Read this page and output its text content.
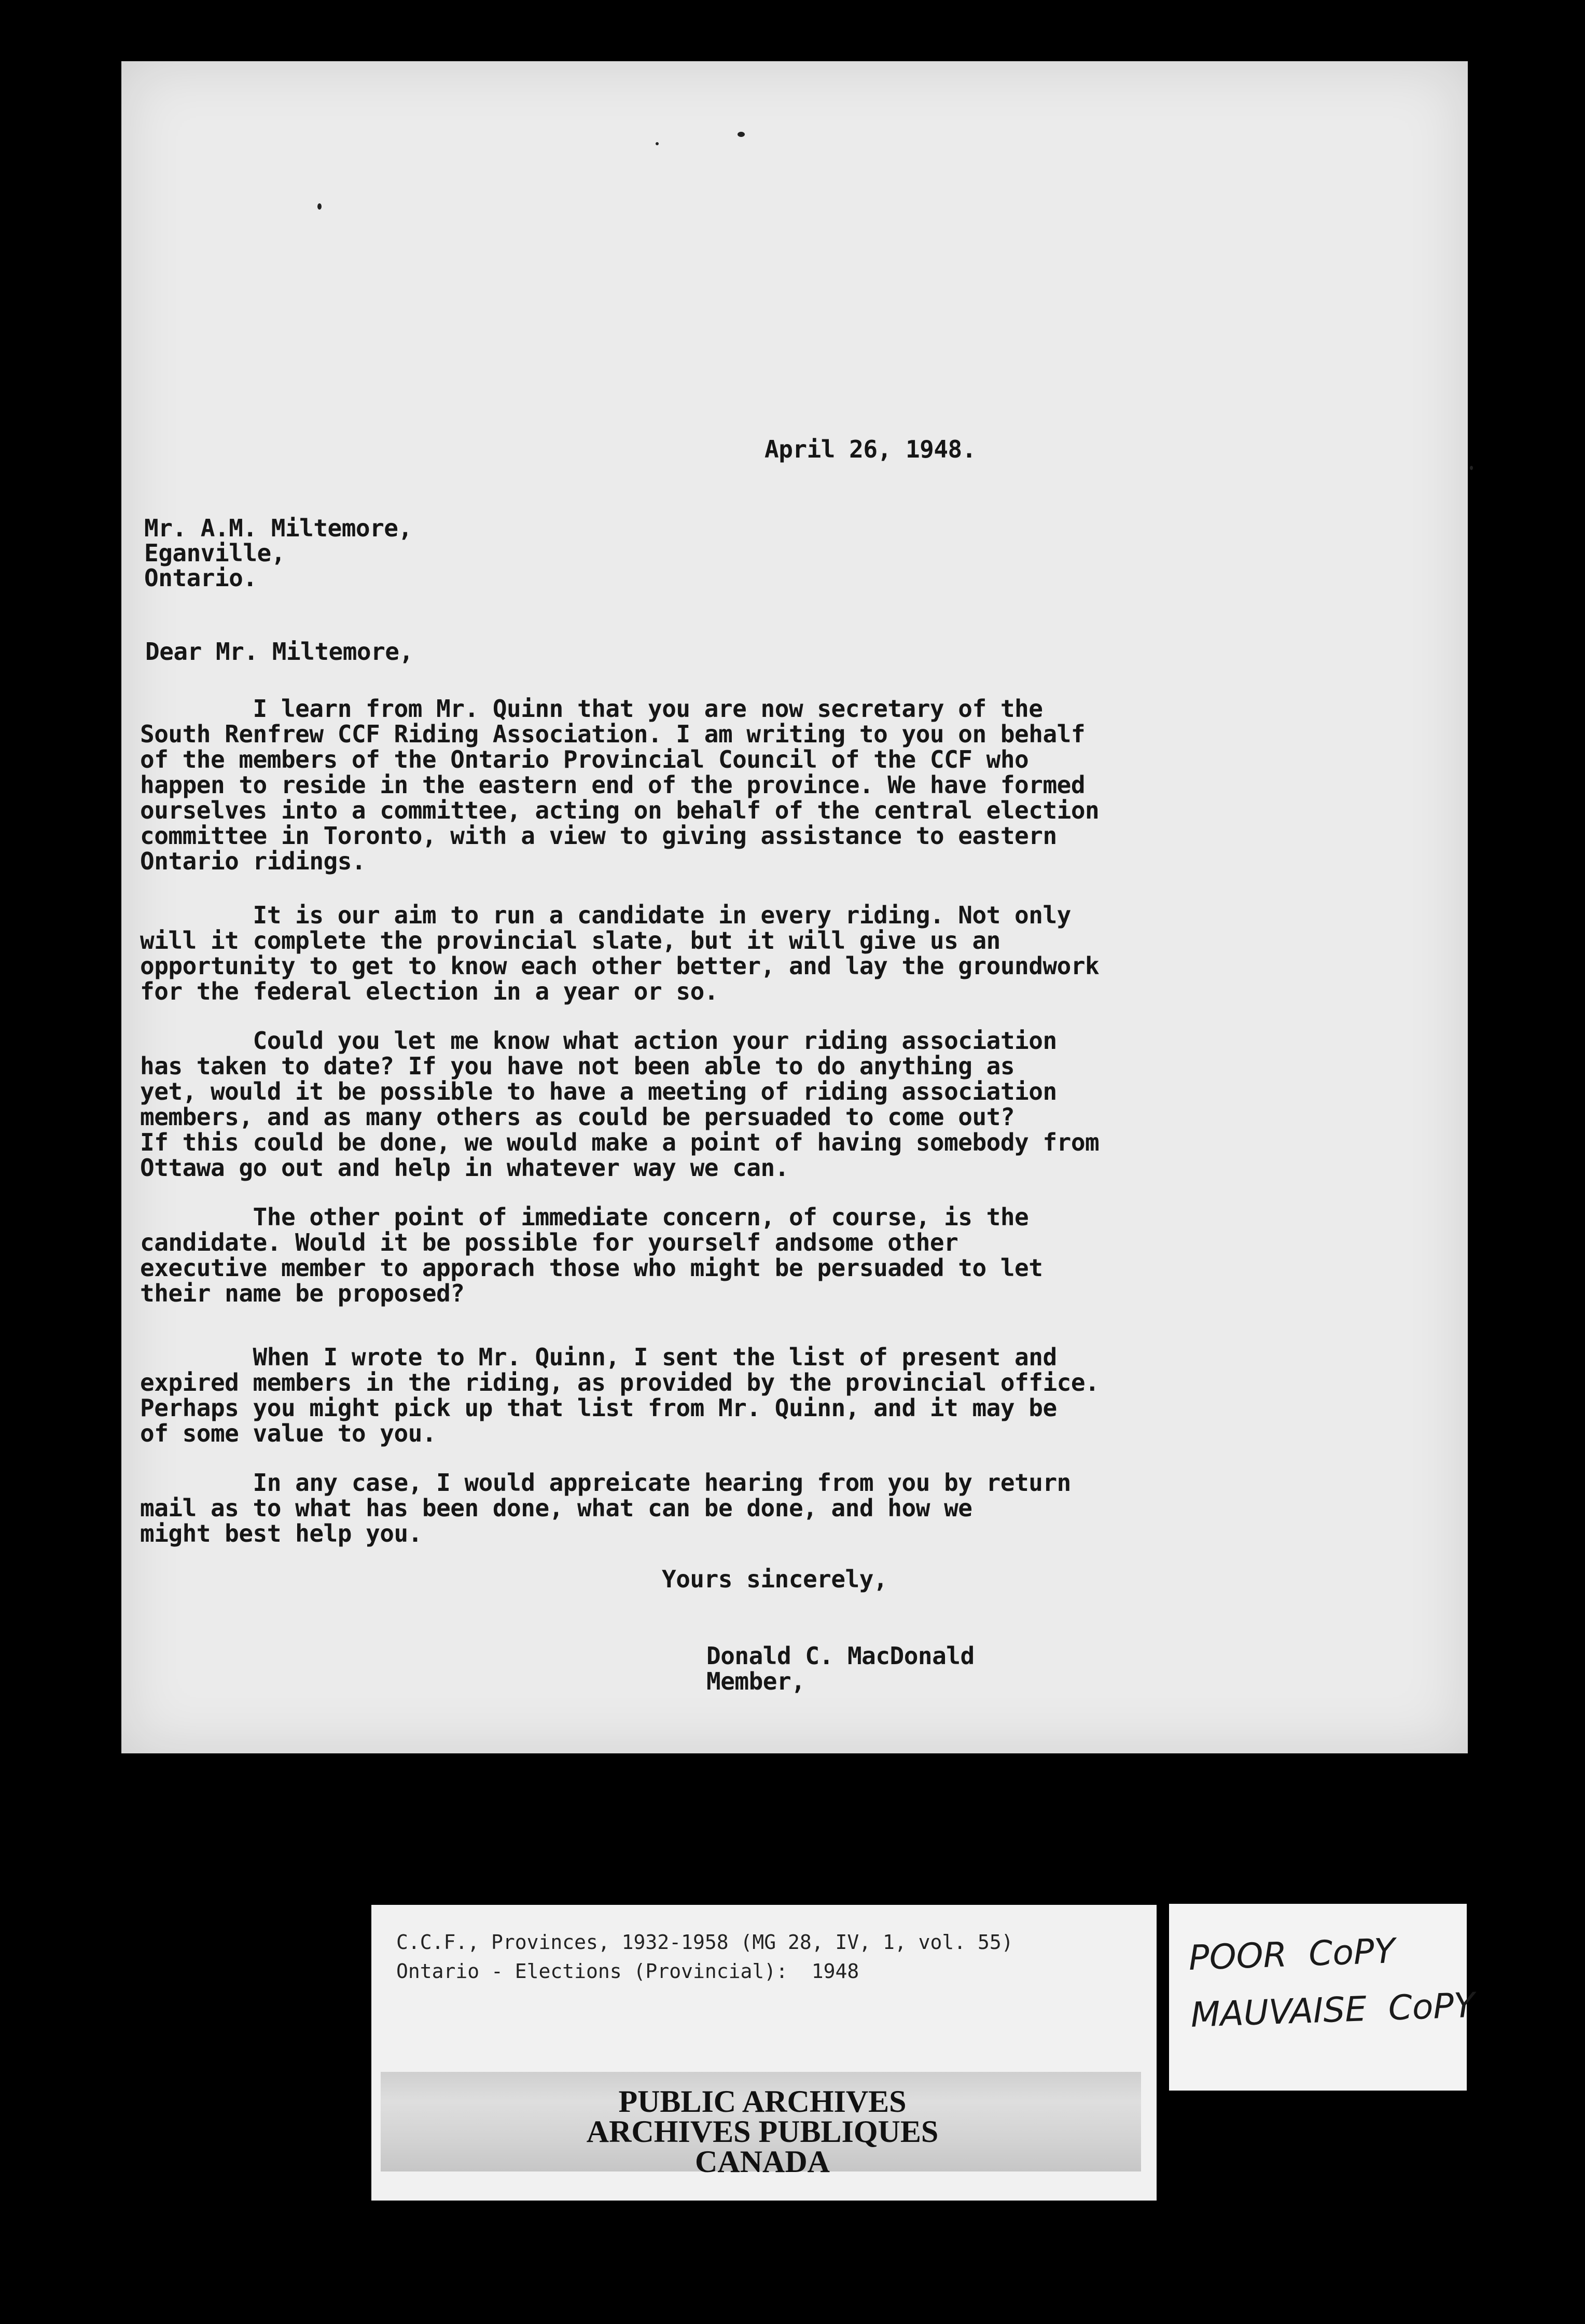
April 26, 1948.
Mr. A.M. Miltemore,
Eganville,
Ontario.
Dear Mr. Miltemore,
I learn from Mr. Quinn that you are now secretary of the
South Renfrew CCF Riding Association. I am writing to you on behalf
of the members of the Ontario Provincial Council of the CCF who
happen to reside in the eastern end of the province. We have formed
ourselves into a committee, acting on behalf of the central election
committee in Toronto, with a view to giving assistance to eastern
Ontario ridings.
It is our aim to run a candidate in every riding. Not only
will it complete the provincial slate, but it will give us an
opportunity to get to know each other better, and lay the groundwork
for the federal election in a year or so.
Could you let me know what action your riding association
has taken to date? If you have not been able to do anything as
yet, would it be possible to have a meeting of riding association
members, and as many others as could be persuaded to come out?
If this could be done, we would make a point of having somebody from
Ottawa go out and help in whatever way we can.
The other point of immediate concern, of course, is the
candidate. Would it be possible for yourself andsome other
executive member to apporach those who might be persuaded to let
their name be proposed?
When I wrote to Mr. Quinn, I sent the list of present and
expired members in the riding, as provided by the provincial office.
Perhaps you might pick up that list from Mr. Quinn, and it may be
of some value to you.
In any case, I would appreicate hearing from you by return
mail as to what has been done, what can be done, and how we
might best help you.
Yours sincerely,
Donald C. MacDonald
Member,
C.C.F., Provinces, 1932-1958 (MG 28, IV, 1, vol. 55)
Ontario - Elections (Provincial):  1948
PUBLIC ARCHIVES
ARCHIVES PUBLIQUES
CANADA
POOR  CoPY
MAUVAISE  CoPY
